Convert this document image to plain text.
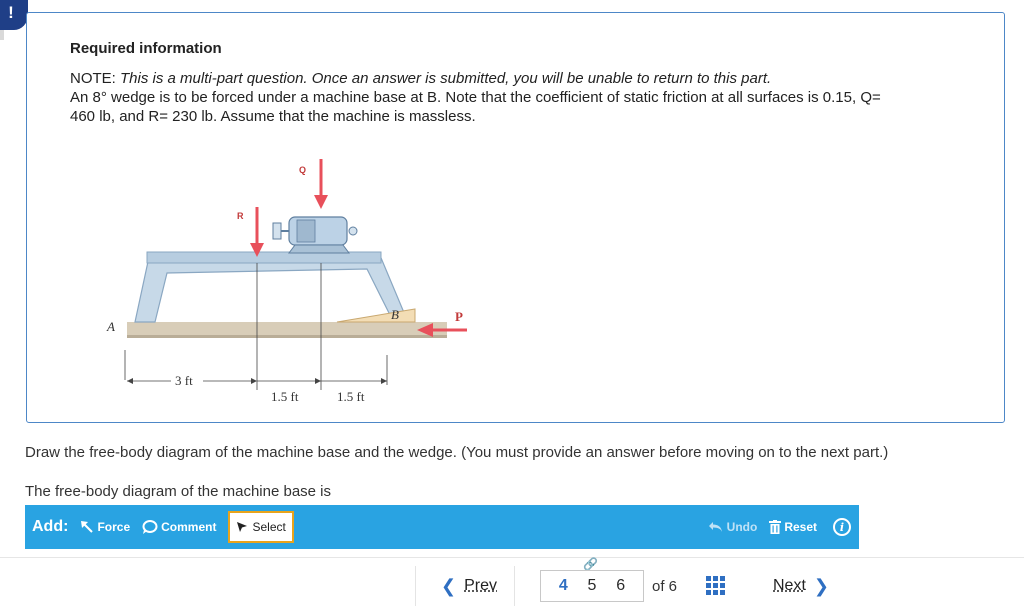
!
Required information
NOTE: This is a multi-part question. Once an answer is submitted, you will be unable to return to this part.
An 8° wedge is to be forced under a machine base at B. Note that the coefficient of static friction at all surfaces is 0.15, Q=
460 lb, and R= 230 lb. Assume that the machine is massless.
R
Q
P
A
B
3 ft
1.5 ft	1.5 ft
Draw the free-body diagram of the machine base and the wedge. (You must provide an answer before moving on to the next part.)
The free-body diagram of the machine base is
Add: Force	Comment	Select	Undo Reset	i
❮ Prev
🔗
4 5 6 of 6	Next ❯
